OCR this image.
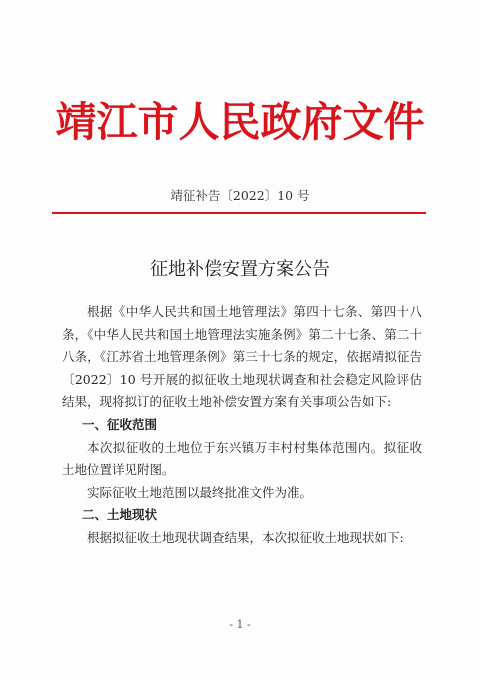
靖江市人民政府文件
靖征补告〔2022〕10 号
征地补偿安置方案公告

根据《中华人民共和国土地管理法》第四十七条、第四十八条，《中华人民共和国土地管理法实施条例》第二十七条、第二十八条，《江苏省土地管理条例》第三十七条的规定，依据靖拟征告〔2022〕10 号开展的拟征收土地现状调查和社会稳定风险评估结果，现将拟订的征收土地补偿安置方案有关事项公告如下:

一、征收范围

本次拟征收的土地位于东兴镇万丰村村集体范围内。拟征收土地位置详见附图。

实际征收土地范围以最终批准文件为准。

二、土地现状

根据拟征收土地现状调查结果，本次拟征收土地现状如下:

- 1 -
